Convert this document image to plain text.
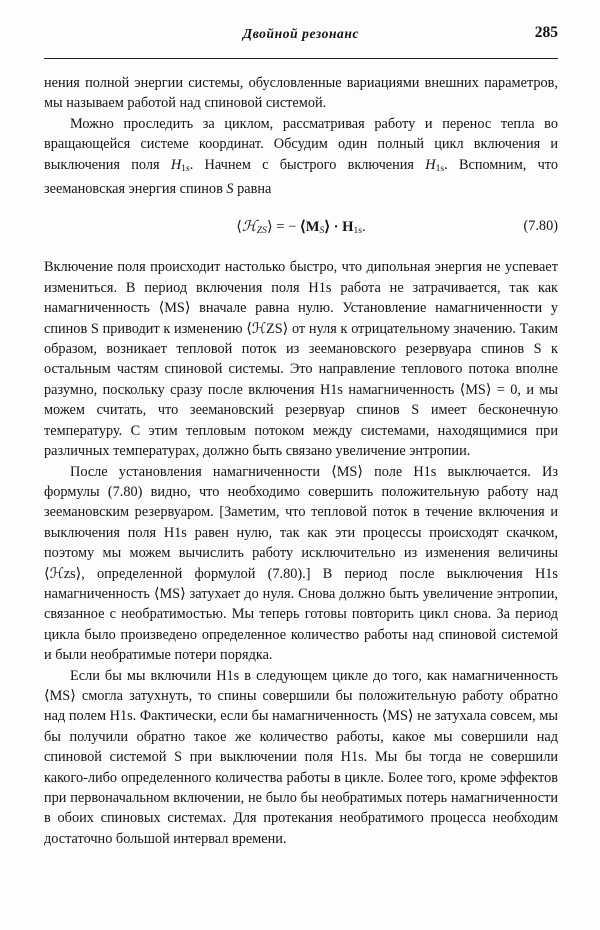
Двойной резонанс	285

нения полной энергии системы, обусловленные вариациями внешних параметров, мы называем работой над спиновой системой.

Можно проследить за циклом, рассматривая работу и перенос тепла во вращающейся системе координат. Обсудим один полный цикл включения и выключения поля $H_{1s}$. Начнем с быстрого включения $H_{1s}$. Вспомним, что зеемановская энергия спинов S равна

⟨ℋZS⟩ = − ⟨MS⟩ · $H_{1s}$.	(7.80)

Включение поля происходит настолько быстро, что дипольная энергия не успевает измениться. В период включения поля H1s работа не затрачивается, так как намагниченность ⟨MS⟩ вначале равна нулю. Установление намагниченности у спинов S приводит к изменению ⟨ℋZS⟩ от нуля к отрицательному значению. Таким образом, возникает тепловой поток из зеемановского резервуара спинов S к остальным частям спиновой системы. Это направление теплового потока вполне разумно, поскольку сразу после включения H1s намагниченность ⟨MS⟩ = 0, и мы можем считать, что зеемановский резервуар спинов S имеет бесконечную температуру. С этим тепловым потоком между системами, находящимися при различных температурах, должно быть связано увеличение энтропии.

После установления намагниченности ⟨MS⟩ поле H1s выключается. Из формулы (7.80) видно, что необходимо совершить положительную работу над зеемановским резервуаром. [Заметим, что тепловой поток в течение включения и выключения поля H1s равен нулю, так как эти процессы происходят скачком, поэтому мы можем вычислить работу исключительно из изменения величины ⟨ℋzs⟩, определенной формулой (7.80).] В период после выключения H1s намагниченность ⟨MS⟩ затухает до нуля. Снова должно быть увеличение энтропии, связанное с необратимостью. Мы теперь готовы повторить цикл снова. За период цикла было произведено определенное количество работы над спиновой системой и были необратимые потери порядка.

Если бы мы включили H1s в следующем цикле до того, как намагниченность ⟨MS⟩ смогла затухнуть, то спины совершили бы положительную работу обратно над полем H1s. Фактически, если бы намагниченность ⟨MS⟩ не затухала совсем, мы бы получили обратно такое же количество работы, какое мы совершили над спиновой системой S при выключении поля H1s. Мы бы тогда не совершили какого-либо определенного количества работы в цикле. Более того, кроме эффектов при первоначальном включении, не было бы необратимых потерь намагниченности в обоих спиновых системах. Для протекания необратимого процесса необходим достаточно большой интервал времени.
